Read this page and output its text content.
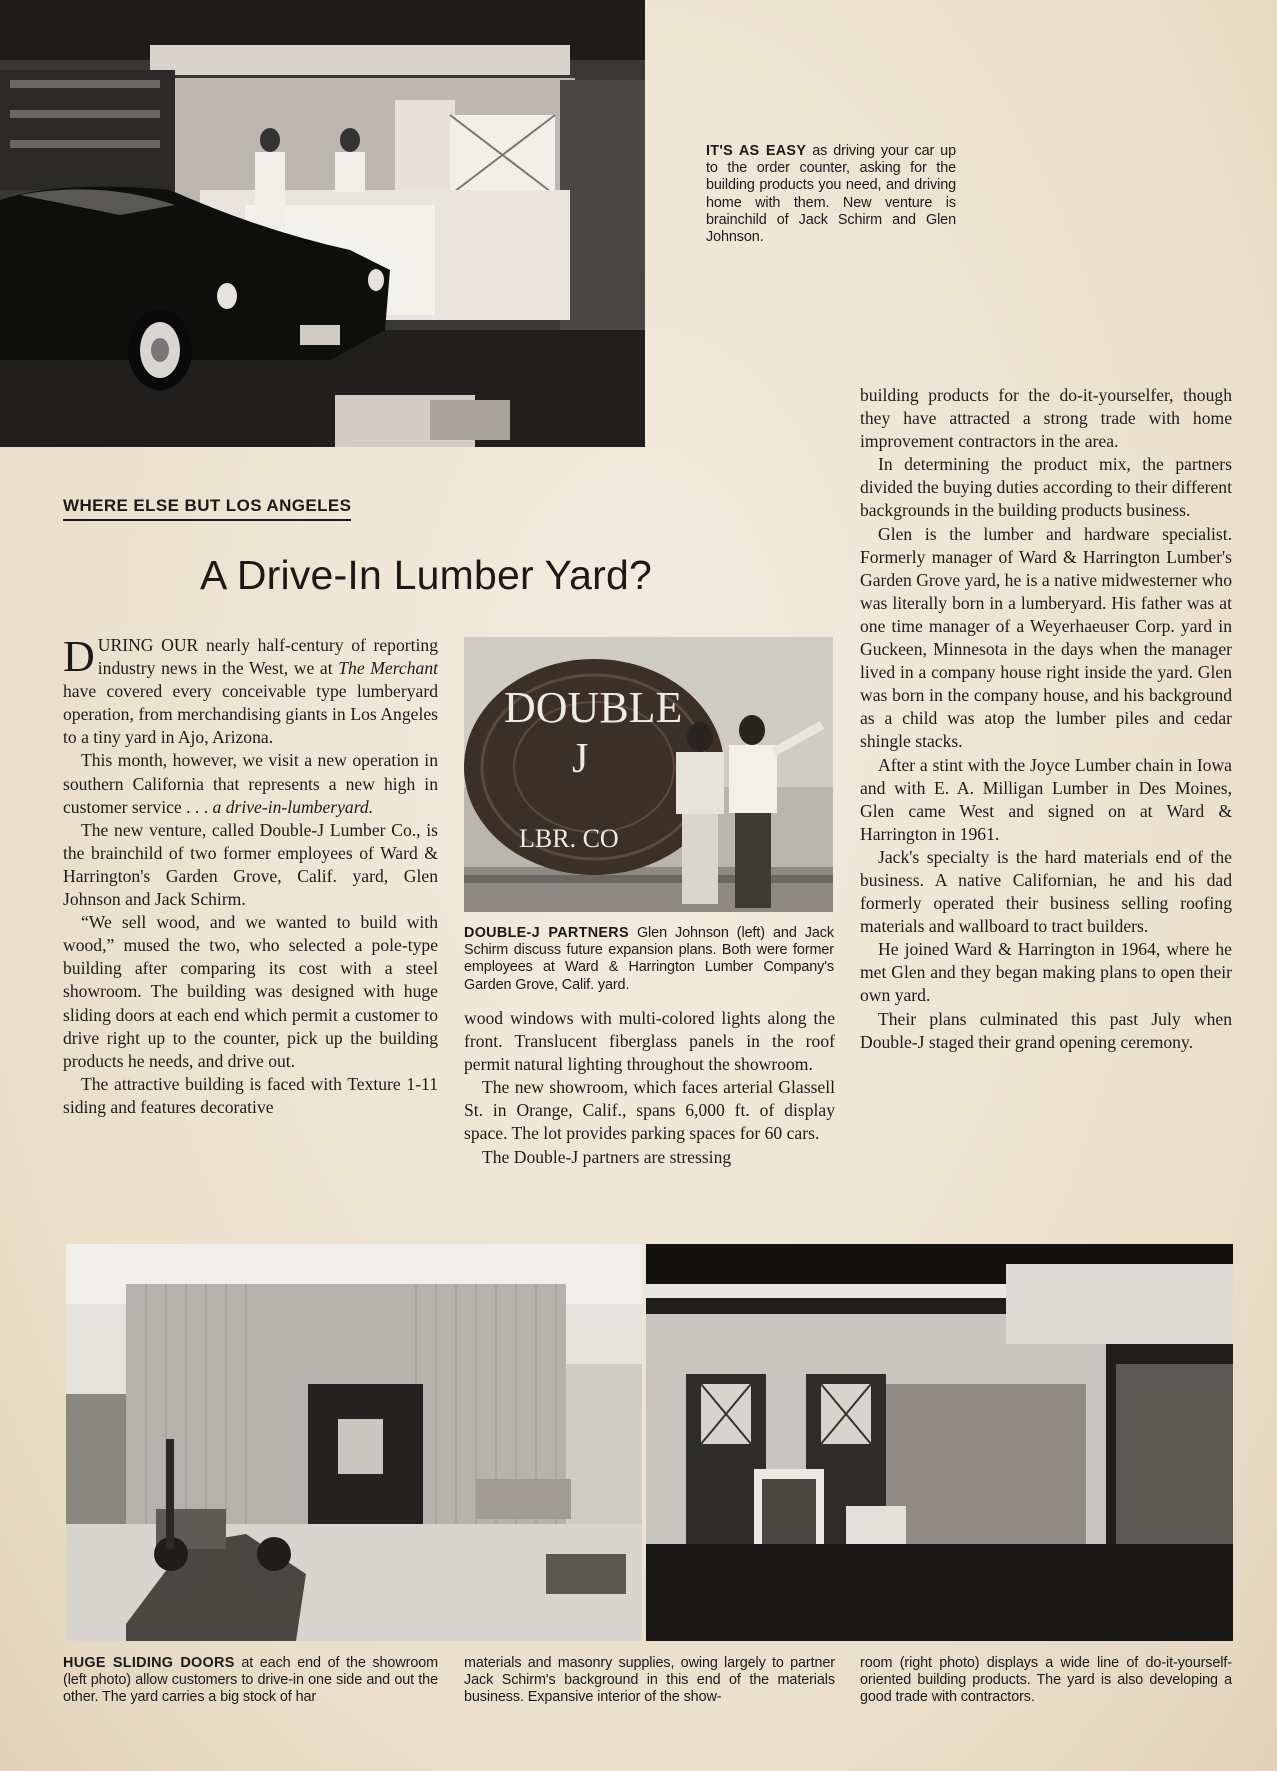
IT'S AS EASY as driving your car up to the order counter, asking for the building products you need, and driving home with them. New venture is brainchild of Jack Schirm and Glen Johnson.
WHERE ELSE BUT LOS ANGELES
A Drive-In Lumber Yard?

DURING OUR nearly half-century of reporting industry news in the West, we at The Merchant have covered every conceivable type lumberyard operation, from merchandising giants in Los Angeles to a tiny yard in Ajo, Arizona.

This month, however, we visit a new operation in southern California that represents a new high in customer service . . . a drive-in-lumberyard.

The new venture, called Double-J Lumber Co., is the brainchild of two former employees of Ward & Harrington's Garden Grove, Calif. yard, Glen Johnson and Jack Schirm.

“We sell wood, and we wanted to build with wood,” mused the two, who selected a pole-type building after comparing its cost with a steel showroom. The building was designed with huge sliding doors at each end which permit a customer to drive right up to the counter, pick up the building products he needs, and drive out.

The attractive building is faced with Texture 1-11 siding and features decorative

DOUBLE
J
LBR. CO
DOUBLE-J PARTNERS Glen Johnson (left) and Jack Schirm discuss future expansion plans. Both were former employees at Ward & Harrington Lumber Company's Garden Grove, Calif. yard.

wood windows with multi-colored lights along the front. Translucent fiberglass panels in the roof permit natural lighting throughout the showroom.

The new showroom, which faces arterial Glassell St. in Orange, Calif., spans 6,000 ft. of display space. The lot provides parking spaces for 60 cars.

The Double-J partners are stressing

building products for the do-it-yourselfer, though they have attracted a strong trade with home improvement contractors in the area.

In determining the product mix, the partners divided the buying duties according to their different backgrounds in the building products business.

Glen is the lumber and hardware specialist. Formerly manager of Ward & Harrington Lumber's Garden Grove yard, he is a native midwesterner who was literally born in a lumberyard. His father was at one time manager of a Weyerhaeuser Corp. yard in Guckeen, Minnesota in the days when the manager lived in a company house right inside the yard. Glen was born in the company house, and his background as a child was atop the lumber piles and cedar shingle stacks.

After a stint with the Joyce Lumber chain in Iowa and with E. A. Milligan Lumber in Des Moines, Glen came West and signed on at Ward & Harrington in 1961.

Jack's specialty is the hard materials end of the business. A native Californian, he and his dad formerly operated their business selling roofing materials and wallboard to tract builders.

He joined Ward & Harrington in 1964, where he met Glen and they began making plans to open their own yard.

Their plans culminated this past July when Double-J staged their grand opening ceremony.

HUGE SLIDING DOORS at each end of the showroom (left photo) allow customers to drive-in one side and out the other. The yard carries a big stock of har
materials and masonry supplies, owing largely to partner Jack Schirm's background in this end of the materials business. Expansive interior of the show-
room (right photo) displays a wide line of do-it-yourself-oriented building products. The yard is also developing a good trade with contractors.
